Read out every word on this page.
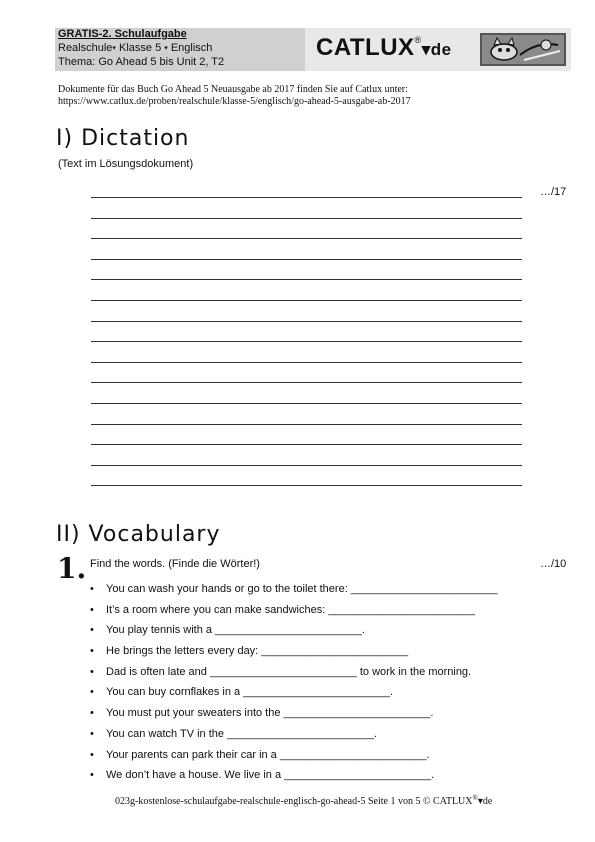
GRATIS-2. Schulaufgabe
Realschule▾ Klasse 5 ▾ Englisch
Thema: Go Ahead 5 bis Unit 2, T2
CATLUX®▾de
Dokumente für das Buch Go Ahead 5 Neuausgabe ab 2017 finden Sie auf Catlux unter:
https://www.catlux.de/proben/realschule/klasse-5/englisch/go-ahead-5-ausgabe-ab-2017
I) Dictation
(Text im Lösungsdokument)
…/17
II) Vocabulary
1. Find the words. (Finde die Wörter!)	…/10
• You can wash your hands or go to the toilet there: ________________________
• It’s a room where you can make sandwiches: ________________________
• You play tennis with a ________________________.
• He brings the letters every day: ________________________
• Dad is often late and ________________________ to work in the morning.
• You can buy cornflakes in a ________________________.
• You must put your sweaters into the ________________________.
• You can watch TV in the ________________________.
• Your parents can park their car in a ________________________.
• We don’t have a house. We live in a ________________________.
023g-kostenlose-schulaufgabe-realschule-englisch-go-ahead-5 Seite 1 von 5 © CATLUX®▾de
